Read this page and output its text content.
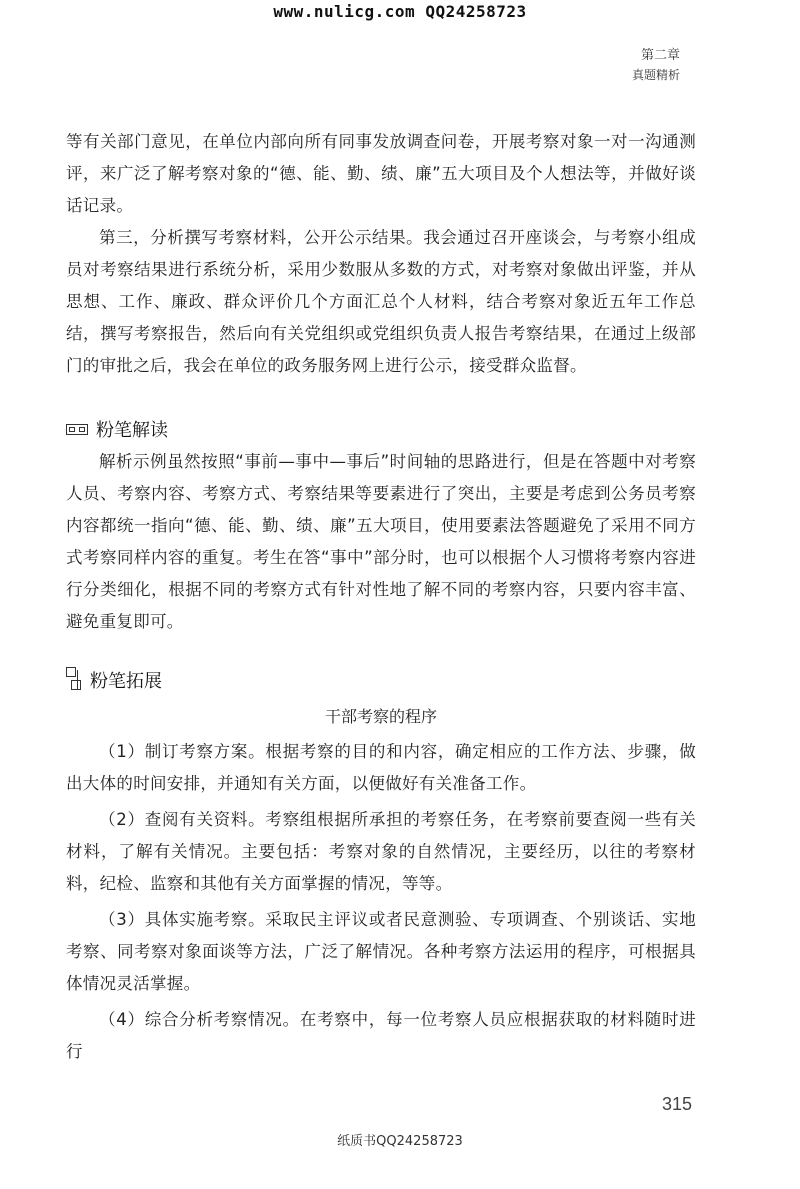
www.nulicg.com QQ24258723
第二章
真题精析

等有关部门意见，在单位内部向所有同事发放调查问卷，开展考察对象一对一沟通测评，来广泛了解考察对象的“德、能、勤、绩、廉”五大项目及个人想法等，并做好谈话记录。

第三，分析撰写考察材料，公开公示结果。我会通过召开座谈会，与考察小组成员对考察结果进行系统分析，采用少数服从多数的方式，对考察对象做出评鉴，并从思想、工作、廉政、群众评价几个方面汇总个人材料，结合考察对象近五年工作总结，撰写考察报告，然后向有关党组织或党组织负责人报告考察结果，在通过上级部门的审批之后，我会在单位的政务服务网上进行公示，接受群众监督。

粉笔解读

解析示例虽然按照“事前—事中—事后”时间轴的思路进行，但是在答题中对考察人员、考察内容、考察方式、考察结果等要素进行了突出，主要是考虑到公务员考察内容都统一指向“德、能、勤、绩、廉”五大项目，使用要素法答题避免了采用不同方式考察同样内容的重复。考生在答“事中”部分时，也可以根据个人习惯将考察内容进行分类细化，根据不同的考察方式有针对性地了解不同的考察内容，只要内容丰富、避免重复即可。

粉笔拓展
干部考察的程序

（1）制订考察方案。根据考察的目的和内容，确定相应的工作方法、步骤，做出大体的时间安排，并通知有关方面，以便做好有关准备工作。

（2）查阅有关资料。考察组根据所承担的考察任务，在考察前要查阅一些有关材料，了解有关情况。主要包括：考察对象的自然情况，主要经历，以往的考察材料，纪检、监察和其他有关方面掌握的情况，等等。

（3）具体实施考察。采取民主评议或者民意测验、专项调查、个别谈话、实地考察、同考察对象面谈等方法，广泛了解情况。各种考察方法运用的程序，可根据具体情况灵活掌握。

（4）综合分析考察情况。在考察中，每一位考察人员应根据获取的材料随时进行

315
纸质书QQ24258723
